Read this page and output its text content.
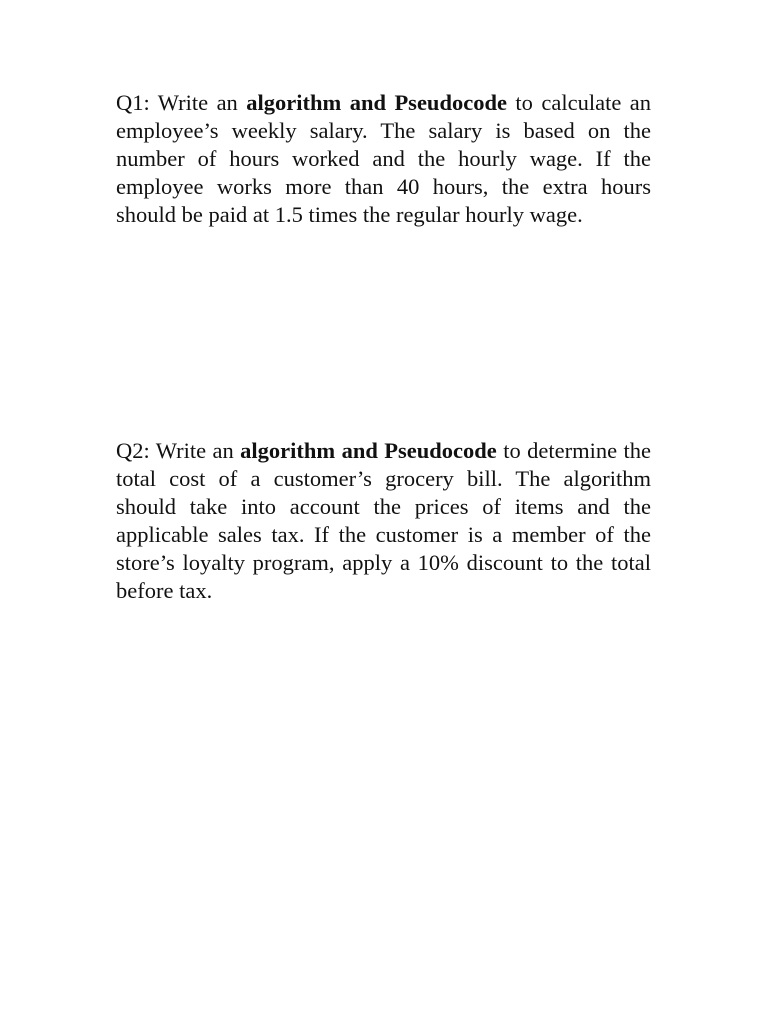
Q1: Write an algorithm and Pseudocode to calculate an employee’s weekly salary. The salary is based on the number of hours worked and the hourly wage. If the employee works more than 40 hours, the extra hours should be paid at 1.5 times the regular hourly wage.

Q2: Write an algorithm and Pseudocode to determine the total cost of a customer’s grocery bill. The algorithm should take into account the prices of items and the applicable sales tax. If the customer is a member of the store’s loyalty program, apply a 10% discount to the total before tax.
